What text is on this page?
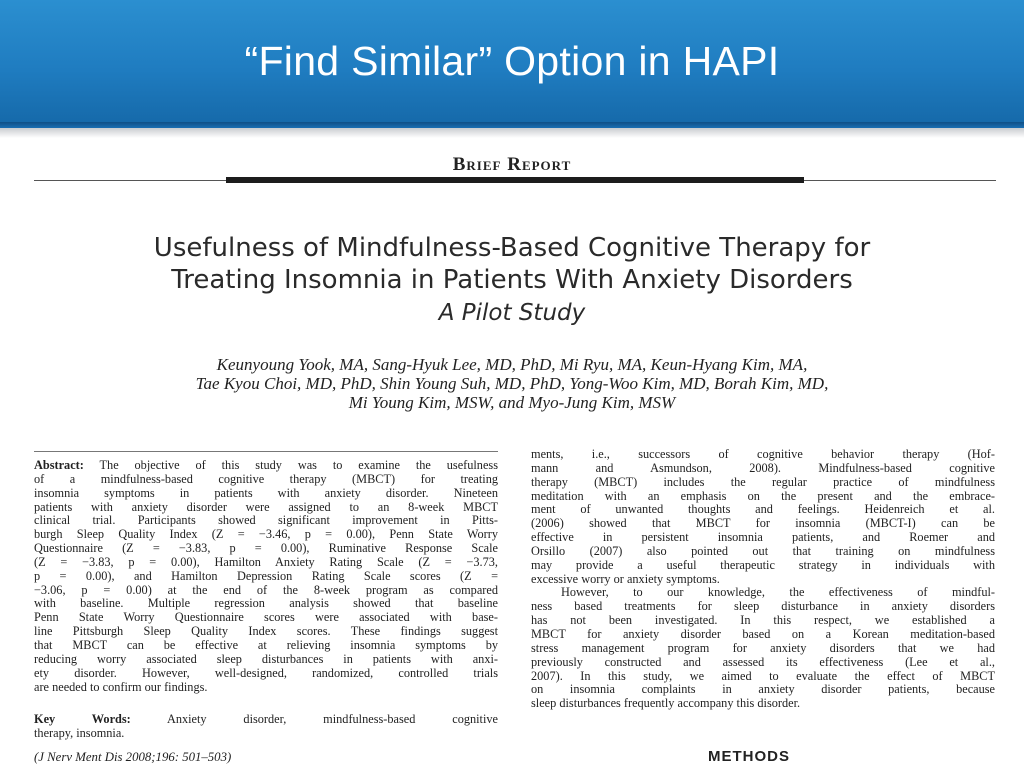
“Find Similar” Option in HAPI
Brief Report
Usefulness of Mindfulness-Based Cognitive Therapy for
Treating Insomnia in Patients With Anxiety Disorders
A Pilot Study
Keunyoung Yook, MA, Sang-Hyuk Lee, MD, PhD, Mi Ryu, MA, Keun-Hyang Kim, MA,
Tae Kyou Choi, MD, PhD, Shin Young Suh, MD, PhD, Yong-Woo Kim, MD, Borah Kim, MD,
Mi Young Kim, MSW, and Myo-Jung Kim, MSW
Abstract: The objective of this study was to examine the usefulness
of a mindfulness-based cognitive therapy (MBCT) for treating
insomnia symptoms in patients with anxiety disorder. Nineteen
patients with anxiety disorder were assigned to an 8-week MBCT
clinical trial. Participants showed significant improvement in Pitts-
burgh Sleep Quality Index (Z = −3.46, p = 0.00), Penn State Worry
Questionnaire (Z = −3.83, p = 0.00), Ruminative Response Scale
(Z = −3.83, p = 0.00), Hamilton Anxiety Rating Scale (Z = −3.73,
p = 0.00), and Hamilton Depression Rating Scale scores (Z =
−3.06, p = 0.00) at the end of the 8-week program as compared
with baseline. Multiple regression analysis showed that baseline
Penn State Worry Questionnaire scores were associated with base-
line Pittsburgh Sleep Quality Index scores. These findings suggest
that MBCT can be effective at relieving insomnia symptoms by
reducing worry associated sleep disturbances in patients with anxi-
ety disorder. However, well-designed, randomized, controlled trials
are needed to confirm our findings.
Key Words: Anxiety disorder, mindfulness-based cognitive
therapy, insomnia.
(J Nerv Ment Dis 2008;196: 501–503)
ments, i.e., successors of cognitive behavior therapy (Hof-
mann and Asmundson, 2008). Mindfulness-based cognitive
therapy (MBCT) includes the regular practice of mindfulness
meditation with an emphasis on the present and the embrace-
ment of unwanted thoughts and feelings. Heidenreich et al.
(2006) showed that MBCT for insomnia (MBCT-I) can be
effective in persistent insomnia patients, and Roemer and
Orsillo (2007) also pointed out that training on mindfulness
may provide a useful therapeutic strategy in individuals with
excessive worry or anxiety symptoms.
However, to our knowledge, the effectiveness of mindful-
ness based treatments for sleep disturbance in anxiety disorders
has not been investigated. In this respect, we established a
MBCT for anxiety disorder based on a Korean meditation-based
stress management program for anxiety disorders that we had
previously constructed and assessed its effectiveness (Lee et al.,
2007). In this study, we aimed to evaluate the effect of MBCT
on insomnia complaints in anxiety disorder patients, because
sleep disturbances frequently accompany this disorder.
METHODS
